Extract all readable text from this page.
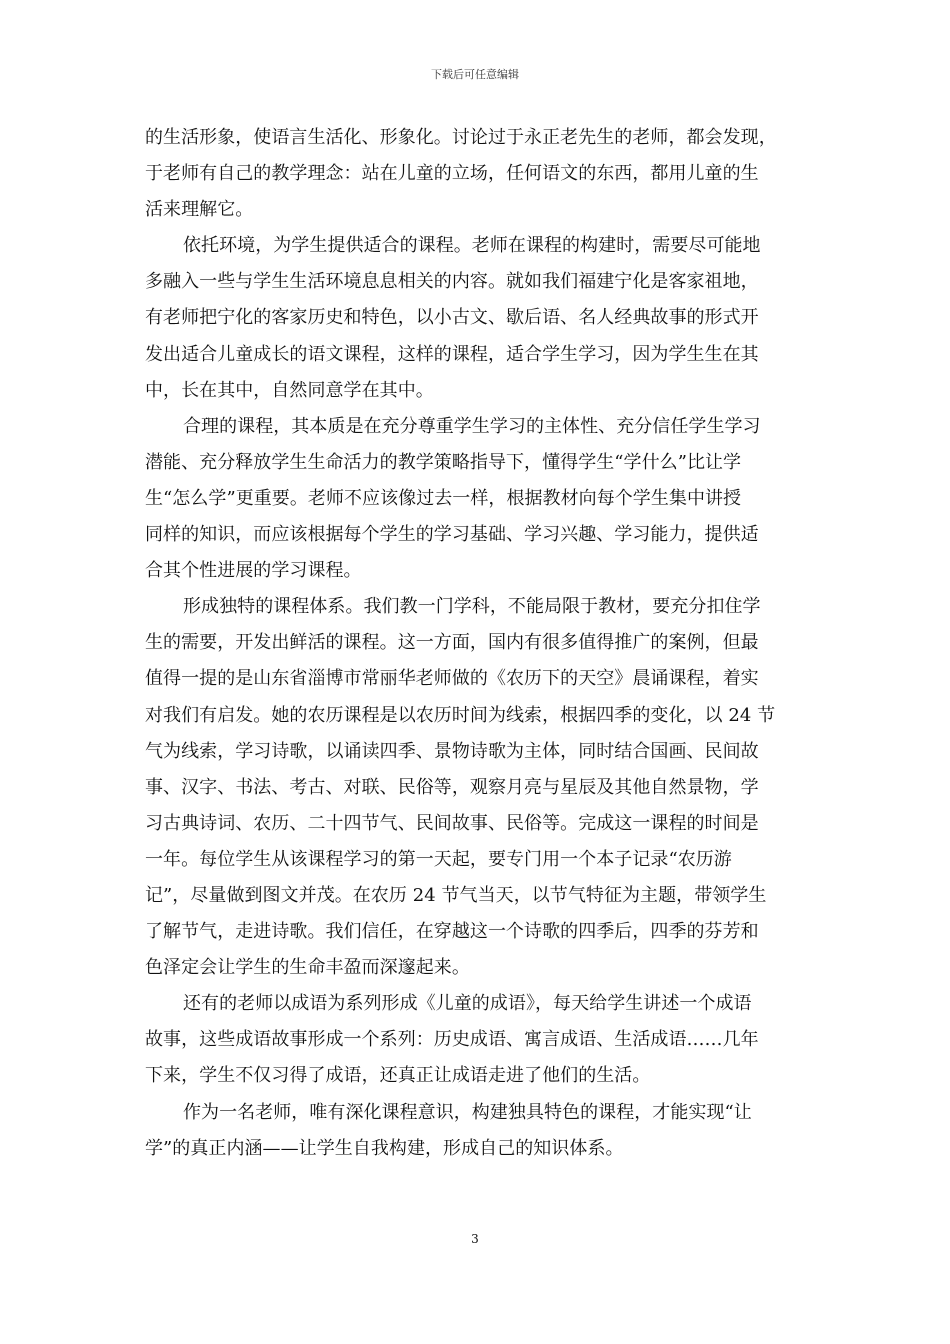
下载后可任意编辑
的生活形象，使语言生活化、形象化。讨论过于永正老先生的老师，都会发现，
于老师有自己的教学理念：站在儿童的立场，任何语文的东西，都用儿童的生
活来理解它。
依托环境，为学生提供适合的课程。老师在课程的构建时，需要尽可能地
多融入一些与学生生活环境息息相关的内容。就如我们福建宁化是客家祖地，
有老师把宁化的客家历史和特色，以小古文、歇后语、名人经典故事的形式开
发出适合儿童成长的语文课程，这样的课程，适合学生学习，因为学生生在其
中，长在其中，自然同意学在其中。
合理的课程，其本质是在充分尊重学生学习的主体性、充分信任学生学习
潜能、充分释放学生生命活力的教学策略指导下，懂得学生“学什么”比让学
生“怎么学”更重要。老师不应该像过去一样，根据教材向每个学生集中讲授
同样的知识，而应该根据每个学生的学习基础、学习兴趣、学习能力，提供适
合其个性进展的学习课程。
形成独特的课程体系。我们教一门学科，不能局限于教材，要充分扣住学
生的需要，开发出鲜活的课程。这一方面，国内有很多值得推广的案例，但最
值得一提的是山东省淄博市常丽华老师做的《农历下的天空》晨诵课程，着实
对我们有启发。她的农历课程是以农历时间为线索，根据四季的变化，以 24 节
气为线索，学习诗歌，以诵读四季、景物诗歌为主体，同时结合国画、民间故
事、汉字、书法、考古、对联、民俗等，观察月亮与星辰及其他自然景物，学
习古典诗词、农历、二十四节气、民间故事、民俗等。完成这一课程的时间是
一年。每位学生从该课程学习的第一天起，要专门用一个本子记录“农历游
记”，尽量做到图文并茂。在农历 24 节气当天，以节气特征为主题，带领学生
了解节气，走进诗歌。我们信任，在穿越这一个诗歌的四季后，四季的芬芳和
色泽定会让学生的生命丰盈而深邃起来。
还有的老师以成语为系列形成《儿童的成语》，每天给学生讲述一个成语
故事，这些成语故事形成一个系列：历史成语、寓言成语、生活成语……几年
下来，学生不仅习得了成语，还真正让成语走进了他们的生活。
作为一名老师，唯有深化课程意识，构建独具特色的课程，才能实现“让
学”的真正内涵——让学生自我构建，形成自己的知识体系。
3
